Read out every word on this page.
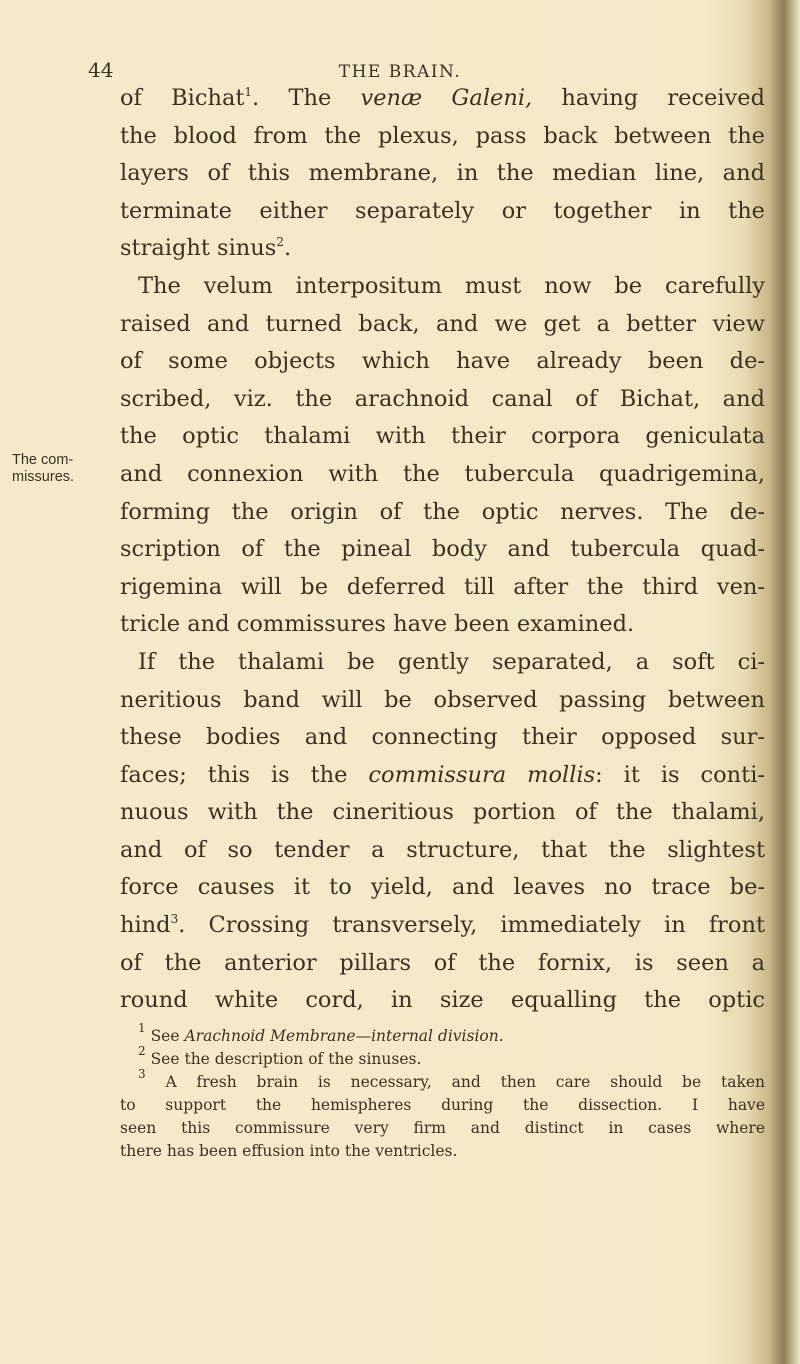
44	THE BRAIN.
The com-
missures.
of Bichat$^1$. The venæ Galeni, having received
the blood from the plexus, pass back between the
layers of this membrane, in the median line, and
terminate either separately or together in the
straight sinus$^2$.
The velum interpositum must now be carefully
raised and turned back, and we get a better view
of some objects which have already been de-
scribed, viz. the arachnoid canal of Bichat, and
the optic thalami with their corpora geniculata
and connexion with the tubercula quadrigemina,
forming the origin of the optic nerves. The de-
scription of the pineal body and tubercula quad-
rigemina will be deferred till after the third ven-
tricle and commissures have been examined.
If the thalami be gently separated, a soft ci-
neritious band will be observed passing between
these bodies and connecting their opposed sur-
faces; this is the commissura mollis: it is conti-
nuous with the cineritious portion of the thalami,
and of so tender a structure, that the slightest
force causes it to yield, and leaves no trace be-
hind$^3$. Crossing transversely, immediately in front
of the anterior pillars of the fornix, is seen a
round white cord, in size equalling the optic
$^1$ See Arachnoid Membrane—internal division.
$^2$ See the description of the sinuses.
$^3$ A fresh brain is necessary, and then care should be taken
to support the hemispheres during the dissection. I have
seen this commissure very firm and distinct in cases where
there has been effusion into the ventricles.
